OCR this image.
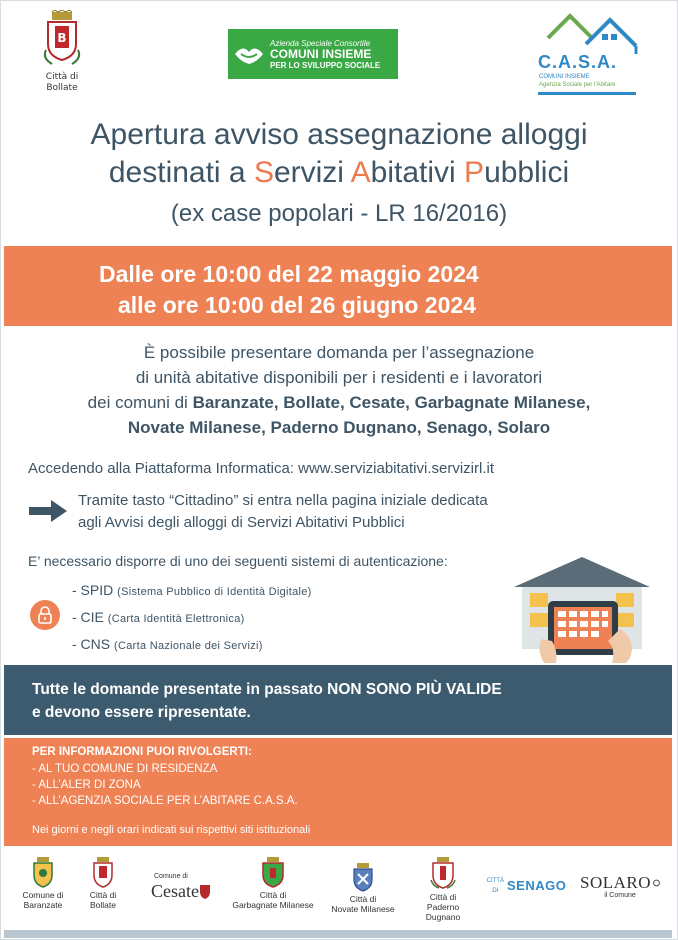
B
Città di Bollate
Azienda Speciale Consortile
COMUNI INSIEME
PER LO SVILUPPO SOCIALE	C.A.S.A.
COMUNI INSIEME
Agenzia Sociale per l'Abitare
Apertura avviso assegnazione alloggi
destinati a Servizi Abitativi Pubblici
(ex case popolari - LR 16/2016)
Dalle ore 10:00 del 22 maggio 2024
alle ore 10:00 del 26 giugno 2024
È possibile presentare domanda per l’assegnazione
di unità abitative disponibili per i residenti e i lavoratori
dei comuni di Baranzate, Bollate, Cesate, Garbagnate Milanese,
Novate Milanese, Paderno Dugnano, Senago, Solaro
Accedendo alla Piattaforma Informatica: www.serviziabitativi.servizirl.it
Tramite tasto “Cittadino” si entra nella pagina iniziale dedicata
agli Avvisi degli alloggi di Servizi Abitativi Pubblici
E’ necessario disporre di uno dei seguenti sistemi di autenticazione:
- SPID (Sistema Pubblico di Identità Digitale)
- CIE (Carta Identità Elettronica)
- CNS (Carta Nazionale dei Servizi)
Tutte le domande presentate in passato NON SONO PIÙ VALIDE
e devono essere ripresentate.
PER INFORMAZIONI PUOI RIVOLGERTI:
- AL TUO COMUNE DI RESIDENZA
- ALL’ALER DI ZONA
- ALL’AGENZIA SOCIALE PER L’ABITARE C.A.S.A.
Nei giorni e negli orari indicati sui rispettivi siti istituzionali
Comune di
Baranzate
Città di
Bollate
Comune di
Cesate	Città di
Garbagnate Milanese
Città di
Novate Milanese
Città di
Paderno Dugnano
CITTÀ DI SENAGO SOLARO
il Comune
